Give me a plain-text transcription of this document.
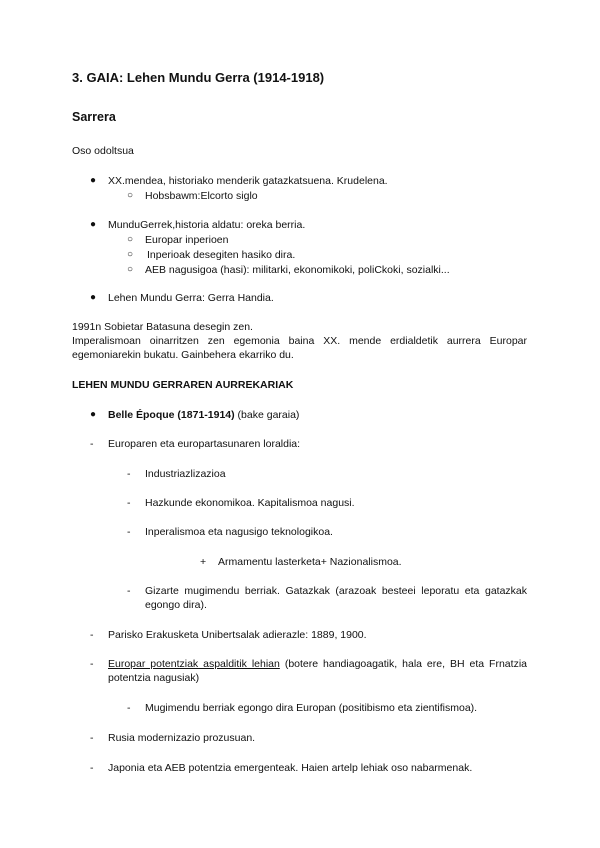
3. GAIA: Lehen Mundu Gerra (1914-1918)
Sarrera
Oso odoltsua
● XX.mendea, historiako menderik gatazkatsuena. Krudelena.
○ Hobsbawm:Elcorto siglo
● MunduGerrek,historia aldatu: oreka berria.
○ Europar inperioen
○ Inperioak desegiten hasiko dira.
○ AEB nagusigoa (hasi): militarki, ekonomikoki, poliCkoki, sozialki...
● Lehen Mundu Gerra: Gerra Handia.
1991n Sobietar Batasuna desegin zen.
Imperalismoan oinarritzen zen egemonia baina XX. mende erdialdetik aurrera Europar egemoniarekin bukatu. Gainbehera ekarriko du.
LEHEN MUNDU GERRAREN AURREKARIAK
● Belle Époque (1871-1914) (bake garaia)
- Europaren eta europartasunaren loraldia:
- Industriazlizazioa
- Hazkunde ekonomikoa. Kapitalismoa nagusi.
- Inperalismoa eta nagusigo teknologikoa.
+ Armamentu lasterketa+ Nazionalismoa.
- Gizarte mugimendu berriak. Gatazkak (arazoak besteei leporatu eta gatazkak egongo dira).
- Parisko Erakusketa Unibertsalak adierazle: 1889, 1900.
- Europar potentziak aspalditik lehian (botere handiagoagatik, hala ere, BH eta Frnatzia potentzia nagusiak)
- Mugimendu berriak egongo dira Europan (positibismo eta zientifismoa).
- Rusia modernizazio prozusuan.
- Japonia eta AEB potentzia emergenteak. Haien artelp lehiak oso nabarmenak.
